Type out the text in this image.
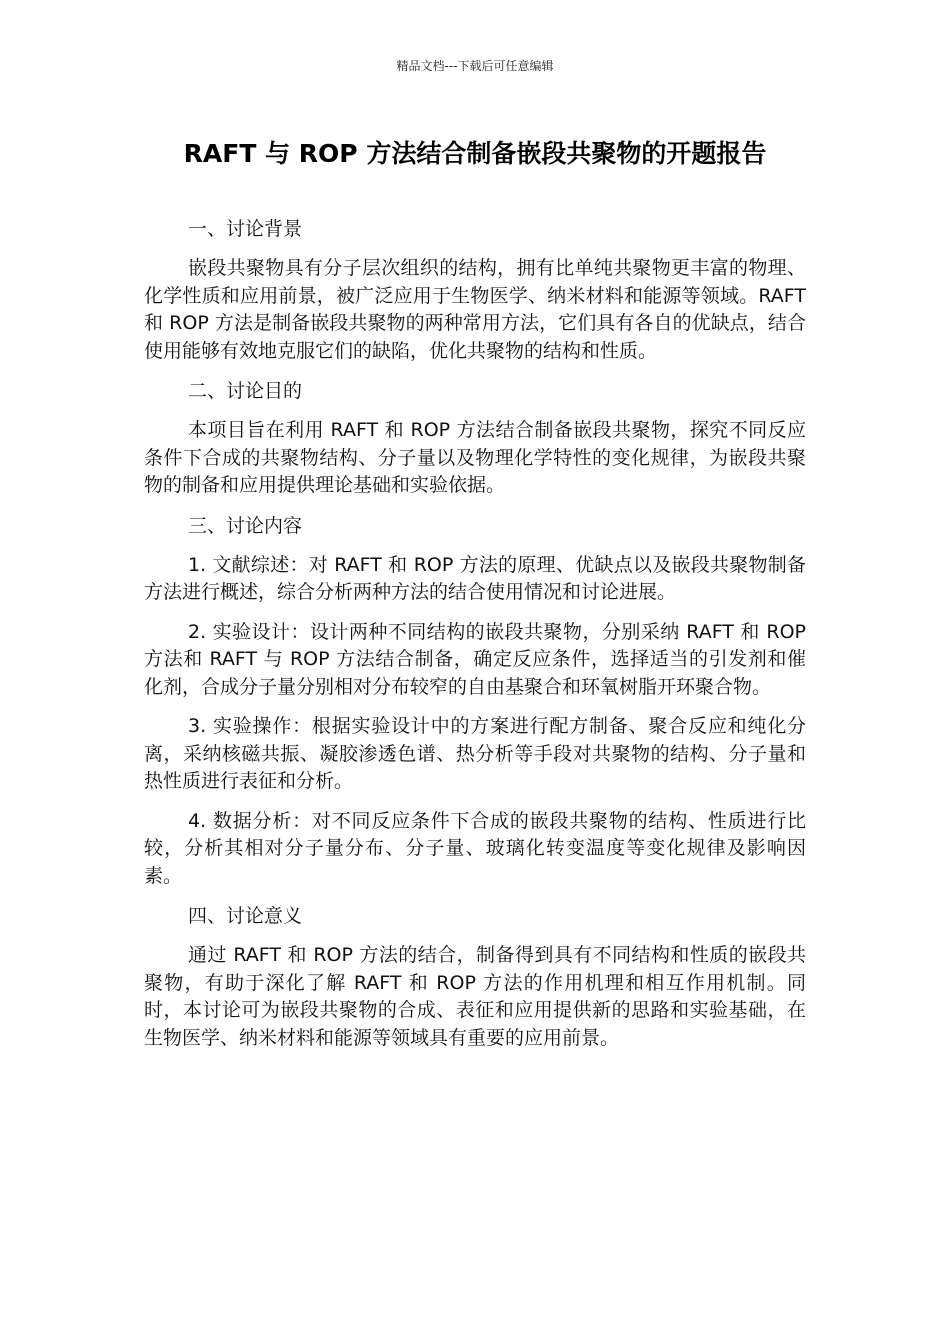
精品文档---下载后可任意编辑
RAFT 与 ROP 方法结合制备嵌段共聚物的开题报告
一、讨论背景

嵌段共聚物具有分子层次组织的结构，拥有比单纯共聚物更丰富的物理、化学性质和应用前景，被广泛应用于生物医学、纳米材料和能源等领域。RAFT 和 ROP 方法是制备嵌段共聚物的两种常用方法，它们具有各自的优缺点，结合使用能够有效地克服它们的缺陷，优化共聚物的结构和性质。

二、讨论目的

本项目旨在利用 RAFT 和 ROP 方法结合制备嵌段共聚物，探究不同反应条件下合成的共聚物结构、分子量以及物理化学特性的变化规律，为嵌段共聚物的制备和应用提供理论基础和实验依据。

三、讨论内容

1. 文献综述：对 RAFT 和 ROP 方法的原理、优缺点以及嵌段共聚物制备方法进行概述，综合分析两种方法的结合使用情况和讨论进展。

2. 实验设计：设计两种不同结构的嵌段共聚物，分别采纳 RAFT 和 ROP 方法和 RAFT 与 ROP 方法结合制备，确定反应条件，选择适当的引发剂和催化剂，合成分子量分别相对分布较窄的自由基聚合和环氧树脂开环聚合物。

3. 实验操作：根据实验设计中的方案进行配方制备、聚合反应和纯化分离，采纳核磁共振、凝胶渗透色谱、热分析等手段对共聚物的结构、分子量和热性质进行表征和分析。

4. 数据分析：对不同反应条件下合成的嵌段共聚物的结构、性质进行比较，分析其相对分子量分布、分子量、玻璃化转变温度等变化规律及影响因素。

四、讨论意义

通过 RAFT 和 ROP 方法的结合，制备得到具有不同结构和性质的嵌段共聚物，有助于深化了解 RAFT 和 ROP 方法的作用机理和相互作用机制。同时，本讨论可为嵌段共聚物的合成、表征和应用提供新的思路和实验基础，在生物医学、纳米材料和能源等领域具有重要的应用前景。
